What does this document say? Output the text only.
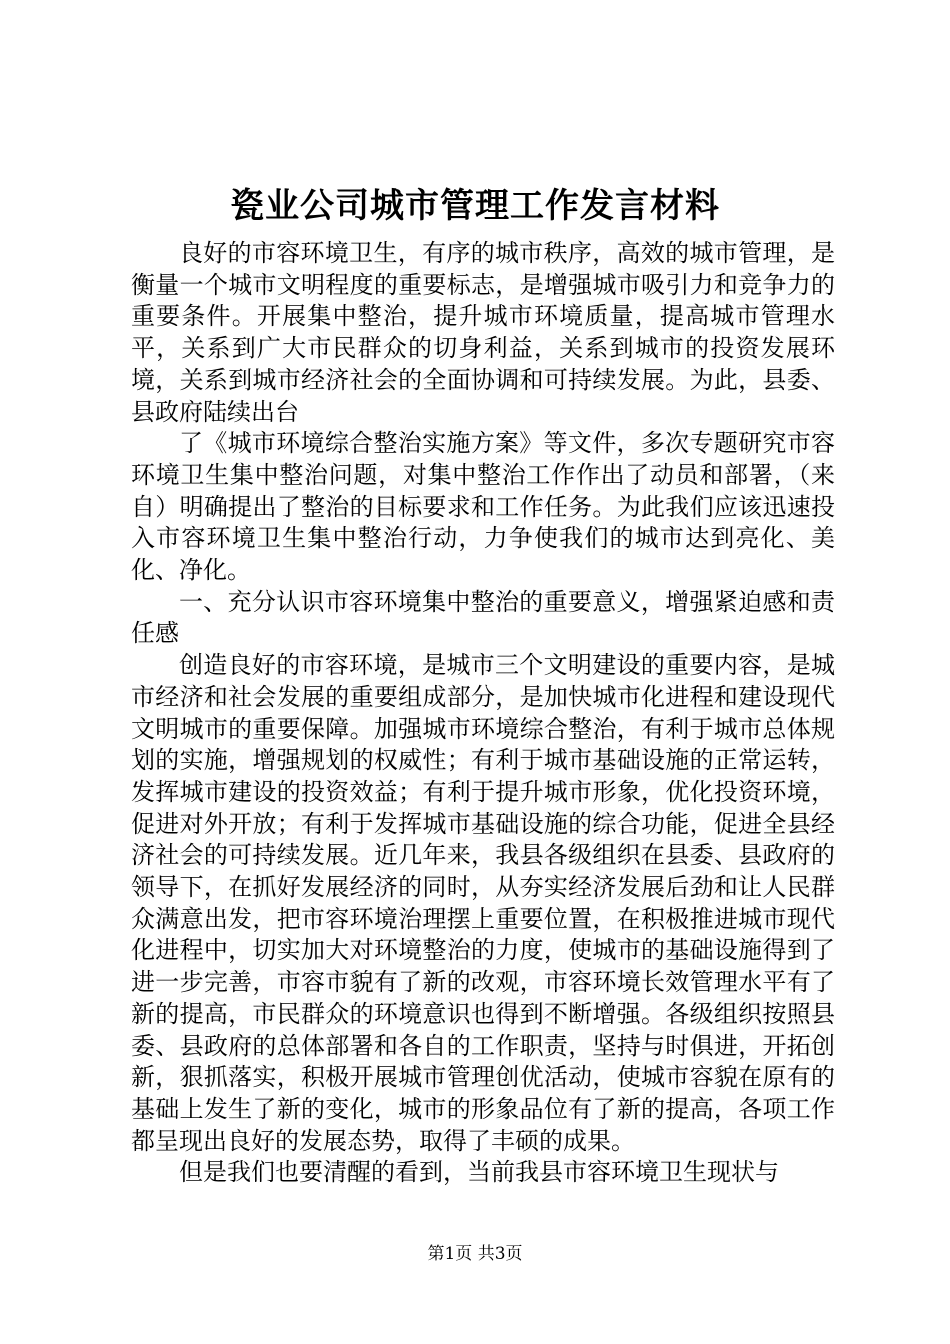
瓷业公司城市管理工作发言材料

良好的市容环境卫生，有序的城市秩序，高效的城市管理，是衡量一个城市文明程度的重要标志，是增强城市吸引力和竞争力的重要条件。开展集中整治，提升城市环境质量，提高城市管理水平，关系到广大市民群众的切身利益，关系到城市的投资发展环境，关系到城市经济社会的全面协调和可持续发展。为此，县委、县政府陆续出台

了《城市环境综合整治实施方案》等文件，多次专题研究市容环境卫生集中整治问题，对集中整治工作作出了动员和部署，（来自）明确提出了整治的目标要求和工作任务。为此我们应该迅速投入市容环境卫生集中整治行动，力争使我们的城市达到亮化、美化、净化。

一、充分认识市容环境集中整治的重要意义，增强紧迫感和责任感

创造良好的市容环境，是城市三个文明建设的重要内容，是城市经济和社会发展的重要组成部分，是加快城市化进程和建设现代文明城市的重要保障。加强城市环境综合整治，有利于城市总体规划的实施，增强规划的权威性；有利于城市基础设施的正常运转，发挥城市建设的投资效益；有利于提升城市形象，优化投资环境，促进对外开放；有利于发挥城市基础设施的综合功能，促进全县经济社会的可持续发展。近几年来，我县各级组织在县委、县政府的领导下，在抓好发展经济的同时，从夯实经济发展后劲和让人民群众满意出发，把市容环境治理摆上重要位置，在积极推进城市现代化进程中，切实加大对环境整治的力度，使城市的基础设施得到了进一步完善，市容市貌有了新的改观，市容环境长效管理水平有了新的提高，市民群众的环境意识也得到不断增强。各级组织按照县委、县政府的总体部署和各自的工作职责，坚持与时俱进，开拓创新，狠抓落实，积极开展城市管理创优活动，使城市容貌在原有的基础上发生了新的变化，城市的形象品位有了新的提高，各项工作都呈现出良好的发展态势，取得了丰硕的成果。

但是我们也要清醒的看到，当前我县市容环境卫生现状与

第1页 共3页
